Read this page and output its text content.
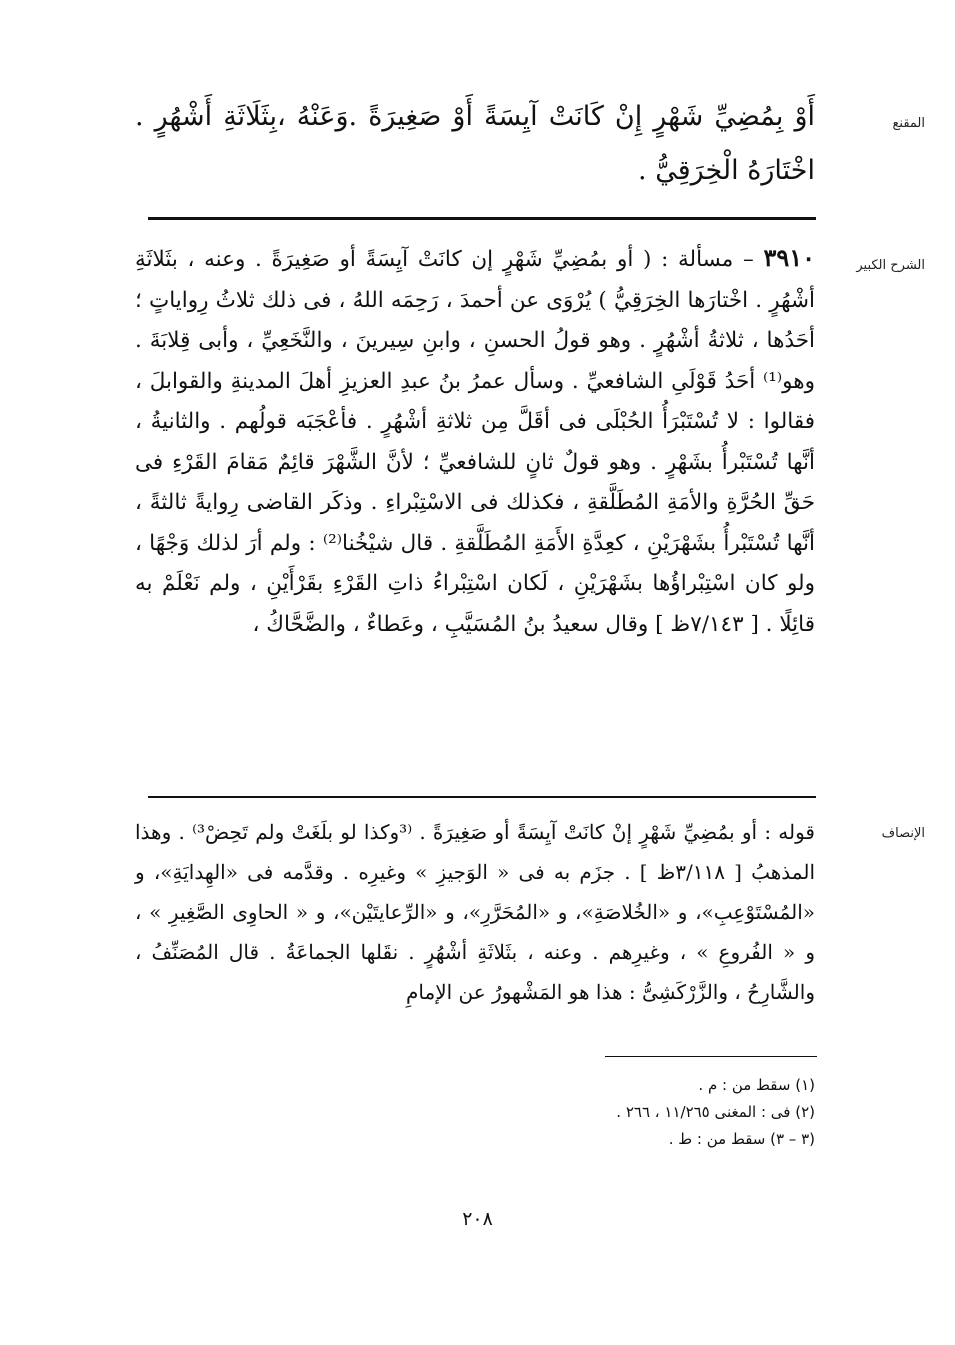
المقنع
أَوْ بِمُضِيِّ شَهْرٍ إِنْ كَانَتْ آيِسَةً أَوْ صَغِيرَةً .وَعَنْهُ ،بِثَلَاثَةِ أَشْهُرٍ . اخْتَارَهُ الْخِرَقِيُّ .
الشرح الكبير
٣٩١٠ – مسألة : ( أو بمُضِيِّ شَهْرٍ إن كانَتْ آيِسَةً أو صَغِيرَةً . وعنه ، بثَلاثَةِ أشْهُرٍ . اخْتارَها الخِرَقِيُّ ) يُرْوَى عن أحمدَ ، رَحِمَه اللهُ ، فى ذلك ثلاثُ رِواياتٍ ؛ أحَدُها ، ثلاثةُ أشْهُرٍ . وهو قولُ الحسنِ ، وابنِ سِيرينَ ، والنَّخَعِيِّ ، وأبى قِلابَةَ . وهو⁽¹⁾ أحَدُ قَوْلَىِ الشافعيِّ . وسأل عمرُ بنُ عبدِ العزيزِ أهلَ المدينةِ والقوابلَ ، فقالوا : لا تُسْتَبْرَأُ الحُبْلَى فى أقَلَّ مِن ثلاثةِ أشْهُرٍ . فأعْجَبَه قولُهم . والثانيةُ ، أنَّها تُسْتَبْرأُ بشَهْرٍ . وهو قولٌ ثانٍ للشافعيِّ ؛ لأنَّ الشَّهْرَ قائِمٌ مَقامَ القَرْءِ فى حَقِّ الحُرَّةِ والأمَةِ المُطَلَّقةِ ، فكذلك فى الاسْتِبْراءِ . وذكَر القاضى رِوايةً ثالثةً ، أنَّها تُسْتَبْرأُ بشَهْرَيْنِ ، كعِدَّةِ الأَمَةِ المُطَلَّقةِ . قال شيْخُنا⁽²⁾ : ولم أرَ لذلك وَجْهًا ، ولو كان اسْتِبْراؤُها بشَهْرَيْنِ ، لَكان اسْتِبْراءُ ذاتِ القَرْءِ بقَرْأَيْنِ ، ولم نَعْلَمْ به قائِلًا . [ ٧/١٤٣ظ ] وقال سعيدُ بنُ المُسَيَّبِ ، وعَطاءٌ ، والضَّحَّاكُ ،
الإنصاف
قوله : أو بمُضِيِّ شَهْرٍ إنْ كانَتْ آيِسَةً أو صَغِيرَةً . ⁽³وكذا لو بلَغَتْ ولم تَحِضْ³⁾ . وهذا المذهبُ [ ٣/١١٨ظ ] . جزَم به فى « الوَجيزِ » وغيرِه . وقدَّمه فى «الهِدايَةِ»، و «المُسْتَوْعِبِ»، و «الخُلاصَةِ»، و «المُحَرَّرِ»، و «الرِّعايتَيْن»، و « الحاوِى الصَّغِيرِ » ، و « الفُروعِ » ، وغيرِهم . وعنه ، بثَلاثَةِ أشْهُرٍ . نقَلها الجماعَةُ . قال المُصَنِّفُ ، والشَّارِحُ ، والزَّرْكَشِىُّ : هذا هو المَشْهورُ عن الإمامِ
(١) سقط من : م .
(٢) فى : المغنى ١١/٢٦٥ ، ٢٦٦ .
(٣ – ٣) سقط من : ط .
٢٠٨
